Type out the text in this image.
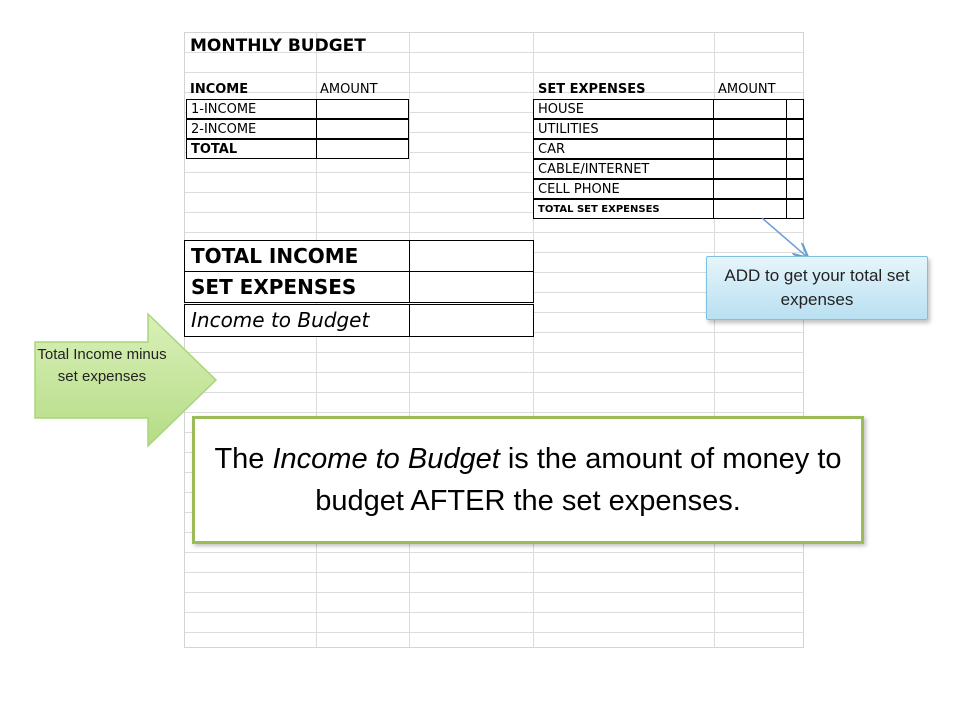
MONTHLY BUDGET
INCOME	AMOUNT
1-INCOME
2-INCOME
TOTAL
SET EXPENSES	AMOUNT
HOUSE
UTILITIES
CAR
CABLE/INTERNET
CELL PHONE
TOTAL SET EXPENSES
TOTAL INCOME
SET EXPENSES
Income to Budget
ADD to get your total set expenses
Total Income minus set expenses

The Income to Budget is the amount of money to budget AFTER the set expenses.
